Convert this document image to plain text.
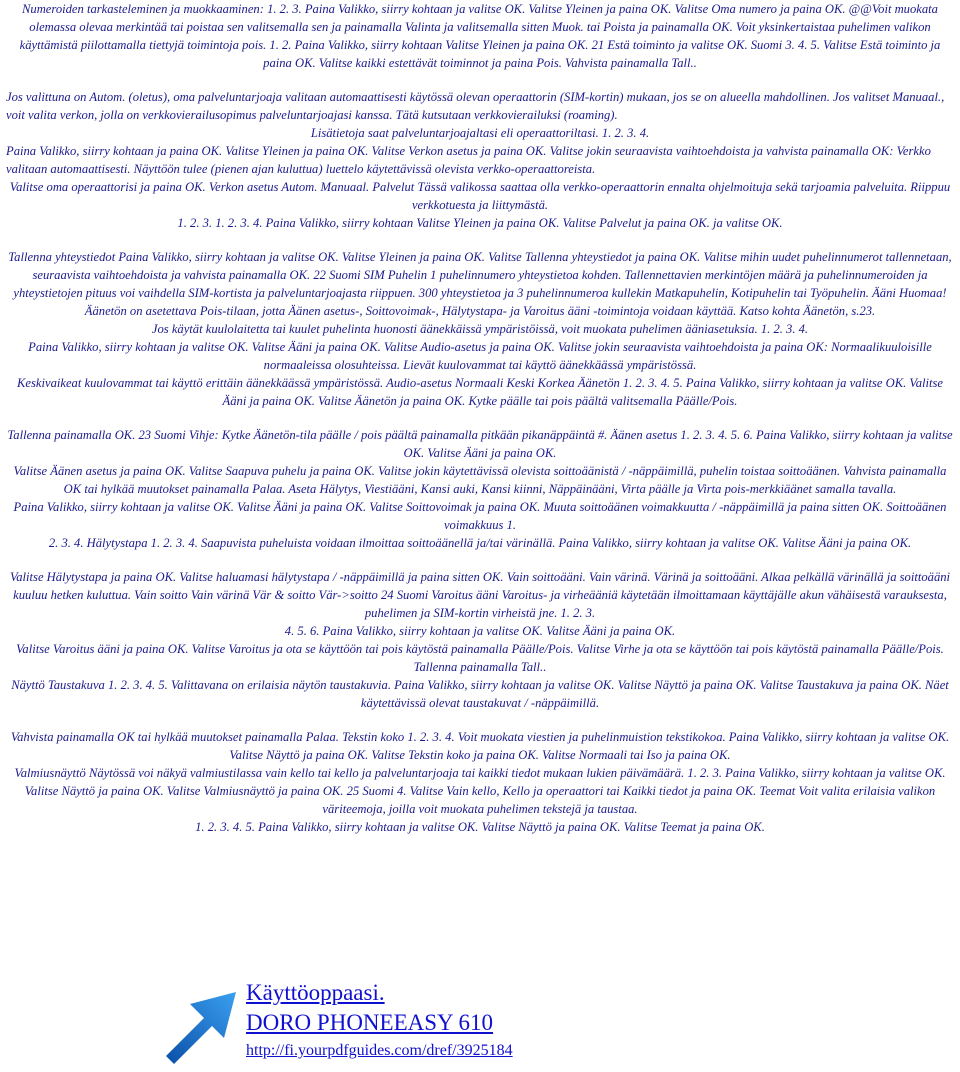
Numeroiden tarkasteleminen ja muokkaaminen: 1. 2. 3. Paina Valikko, siirry kohtaan ja valitse OK. Valitse Yleinen ja paina OK. Valitse Oma numero ja paina OK. @@Voit muokata olemassa olevaa merkintää tai poistaa sen valitsemalla sen ja painamalla Valinta ja valitsemalla sitten Muok. tai Poista ja painamalla OK. Voit yksinkertaistaa puhelimen valikon käyttämistä piilottamalla tiettyjä toimintoja pois. 1. 2. Paina Valikko, siirry kohtaan Valitse Yleinen ja paina OK. 21 Estä toiminto ja valitse OK. Suomi 3. 4. 5. Valitse Estä toiminto ja paina OK. Valitse kaikki estettävät toiminnot ja paina Pois. Vahvista painamalla Tall..

Jos valittuna on Autom. (oletus), oma palveluntarjoaja valitaan automaattisesti käytössä olevan operaattorin (SIM-kortin) mukaan, jos se on alueella mahdollinen. Jos valitset Manuaal., voit valita verkon, jolla on verkkovierailusopimus palveluntarjoajasi kanssa. Tätä kutsutaan verkkovierailuksi (roaming).

Lisätietoja saat palveluntarjoajaltasi eli operaattoriltasi. 1. 2. 3. 4.

Paina Valikko, siirry kohtaan ja paina OK. Valitse Yleinen ja paina OK. Valitse Verkon asetus ja paina OK. Valitse jokin seuraavista vaihtoehdoista ja vahvista painamalla OK: Verkko valitaan automaattisesti. Näyttöön tulee (pienen ajan kuluttua) luettelo käytettävissä olevista verkko-operaattoreista.

Valitse oma operaattorisi ja paina OK. Verkon asetus Autom. Manuaal. Palvelut Tässä valikossa saattaa olla verkko-operaattorin ennalta ohjelmoituja sekä tarjoamia palveluita. Riippuu verkkotuesta ja liittymästä.

1. 2. 3. 1. 2. 3. 4. Paina Valikko, siirry kohtaan Valitse Yleinen ja paina OK. Valitse Palvelut ja paina OK. ja valitse OK.

Tallenna yhteystiedot Paina Valikko, siirry kohtaan ja valitse OK. Valitse Yleinen ja paina OK. Valitse Tallenna yhteystiedot ja paina OK. Valitse mihin uudet puhelinnumerot tallennetaan, seuraavista vaihtoehdoista ja vahvista painamalla OK. 22 Suomi SIM Puhelin 1 puhelinnumero yhteystietoa kohden. Tallennettavien merkintöjen määrä ja puhelinnumeroiden ja yhteystietojen pituus voi vaihdella SIM-kortista ja palveluntarjoajasta riippuen. 300 yhteystietoa ja 3 puhelinnumeroa kullekin Matkapuhelin, Kotipuhelin tai Työpuhelin. Ääni Huomaa! Äänetön on asetettava Pois-tilaan, jotta Äänen asetus-, Soittovoimak-, Hälytystapa- ja Varoitus ääni -toimintoja voidaan käyttää. Katso kohta Äänetön, s.23.

Jos käytät kuulolaitetta tai kuulet puhelinta huonosti äänekkäissä ympäristöissä, voit muokata puhelimen ääniasetuksia. 1. 2. 3. 4.

Paina Valikko, siirry kohtaan ja valitse OK. Valitse Ääni ja paina OK. Valitse Audio-asetus ja paina OK. Valitse jokin seuraavista vaihtoehdoista ja paina OK: Normaalikuuloisille normaaleissa olosuhteissa. Lievät kuulovammat tai käyttö äänekkäässä ympäristössä.

Keskivaikeat kuulovammat tai käyttö erittäin äänekkäässä ympäristössä. Audio-asetus Normaali Keski Korkea Äänetön 1. 2. 3. 4. 5. Paina Valikko, siirry kohtaan ja valitse OK. Valitse Ääni ja paina OK. Valitse Äänetön ja paina OK. Kytke päälle tai pois päältä valitsemalla Päälle/Pois.

Tallenna painamalla OK. 23 Suomi Vihje: Kytke Äänetön-tila päälle / pois päältä painamalla pitkään pikanäppäintä #. Äänen asetus 1. 2. 3. 4. 5. 6. Paina Valikko, siirry kohtaan ja valitse OK. Valitse Ääni ja paina OK.

Valitse Äänen asetus ja paina OK. Valitse Saapuva puhelu ja paina OK. Valitse jokin käytettävissä olevista soittoäänistä / -näppäimillä, puhelin toistaa soittoäänen. Vahvista painamalla OK tai hylkää muutokset painamalla Palaa. Aseta Hälytys, Viestiääni, Kansi auki, Kansi kiinni, Näppäinääni, Virta päälle ja Virta pois-merkkiäänet samalla tavalla.

Paina Valikko, siirry kohtaan ja valitse OK. Valitse Ääni ja paina OK. Valitse Soittovoimak ja paina OK. Muuta soittoäänen voimakkuutta / -näppäimillä ja paina sitten OK. Soittoäänen voimakkuus 1.

2. 3. 4. Hälytystapa 1. 2. 3. 4. Saapuvista puheluista voidaan ilmoittaa soittoäänellä ja/tai värinällä. Paina Valikko, siirry kohtaan ja valitse OK. Valitse Ääni ja paina OK.

Valitse Hälytystapa ja paina OK. Valitse haluamasi hälytystapa / -näppäimillä ja paina sitten OK. Vain soittoääni. Vain värinä. Värinä ja soittoääni. Alkaa pelkällä värinällä ja soittoääni kuuluu hetken kuluttua. Vain soitto Vain värinä Vär & soitto Vär->soitto 24 Suomi Varoitus ääni Varoitus- ja virheääniä käytetään ilmoittamaan käyttäjälle akun vähäisestä varauksesta, puhelimen ja SIM-kortin virheistä jne. 1. 2. 3.

4. 5. 6. Paina Valikko, siirry kohtaan ja valitse OK. Valitse Ääni ja paina OK.

Valitse Varoitus ääni ja paina OK. Valitse Varoitus ja ota se käyttöön tai pois käytöstä painamalla Päälle/Pois. Valitse Virhe ja ota se käyttöön tai pois käytöstä painamalla Päälle/Pois. Tallenna painamalla Tall..

Näyttö Taustakuva 1. 2. 3. 4. 5. Valittavana on erilaisia näytön taustakuvia. Paina Valikko, siirry kohtaan ja valitse OK. Valitse Näyttö ja paina OK. Valitse Taustakuva ja paina OK. Näet käytettävissä olevat taustakuvat / -näppäimillä.

Vahvista painamalla OK tai hylkää muutokset painamalla Palaa. Tekstin koko 1. 2. 3. 4. Voit muokata viestien ja puhelinmuistion tekstikokoa. Paina Valikko, siirry kohtaan ja valitse OK. Valitse Näyttö ja paina OK. Valitse Tekstin koko ja paina OK. Valitse Normaali tai Iso ja paina OK.

Valmiusnäyttö Näytössä voi näkyä valmiustilassa vain kello tai kello ja palveluntarjoaja tai kaikki tiedot mukaan lukien päivämäärä. 1. 2. 3. Paina Valikko, siirry kohtaan ja valitse OK.

Valitse Näyttö ja paina OK. Valitse Valmiusnäyttö ja paina OK. 25 Suomi 4. Valitse Vain kello, Kello ja operaattori tai Kaikki tiedot ja paina OK. Teemat Voit valita erilaisia valikon väriteemoja, joilla voit muokata puhelimen tekstejä ja taustaa.

1. 2. 3. 4. 5. Paina Valikko, siirry kohtaan ja valitse OK. Valitse Näyttö ja paina OK. Valitse Teemat ja paina OK.

Käyttöoppaasi.
DORO PHONEEASY 610
http://fi.yourpdfguides.com/dref/3925184
